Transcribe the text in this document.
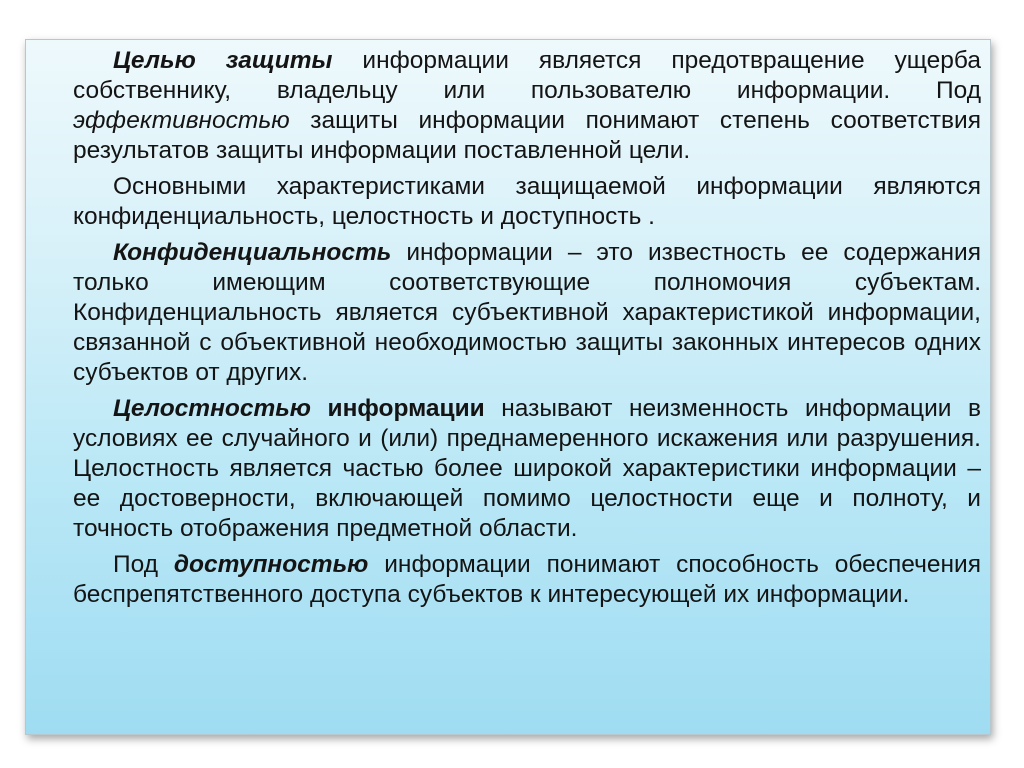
Целью защиты информации является предотвращение ущерба собственнику, владельцу или пользователю информации. Под эффективностью защиты информации понимают степень соответствия результатов защиты информации поставленной цели.

Основными характеристиками защищаемой информации являются конфиденциальность, целостность и доступность .

Конфиденциальность информации – это известность ее содержания только имеющим соответствующие полномочия субъектам. Конфиденциальность является субъективной характеристикой информации, связанной с объективной необходимостью защиты законных интересов одних субъектов от других.

Целостностью информации называют неизменность информации в условиях ее случайного и (или) преднамеренного искажения или разрушения. Целостность является частью более широкой характеристики информации – ее достоверности, включающей помимо целостности еще и полноту, и точность отображения предметной области.

Под доступностью информации понимают способность обеспечения беспрепятственного доступа субъектов к интересующей их информации.
